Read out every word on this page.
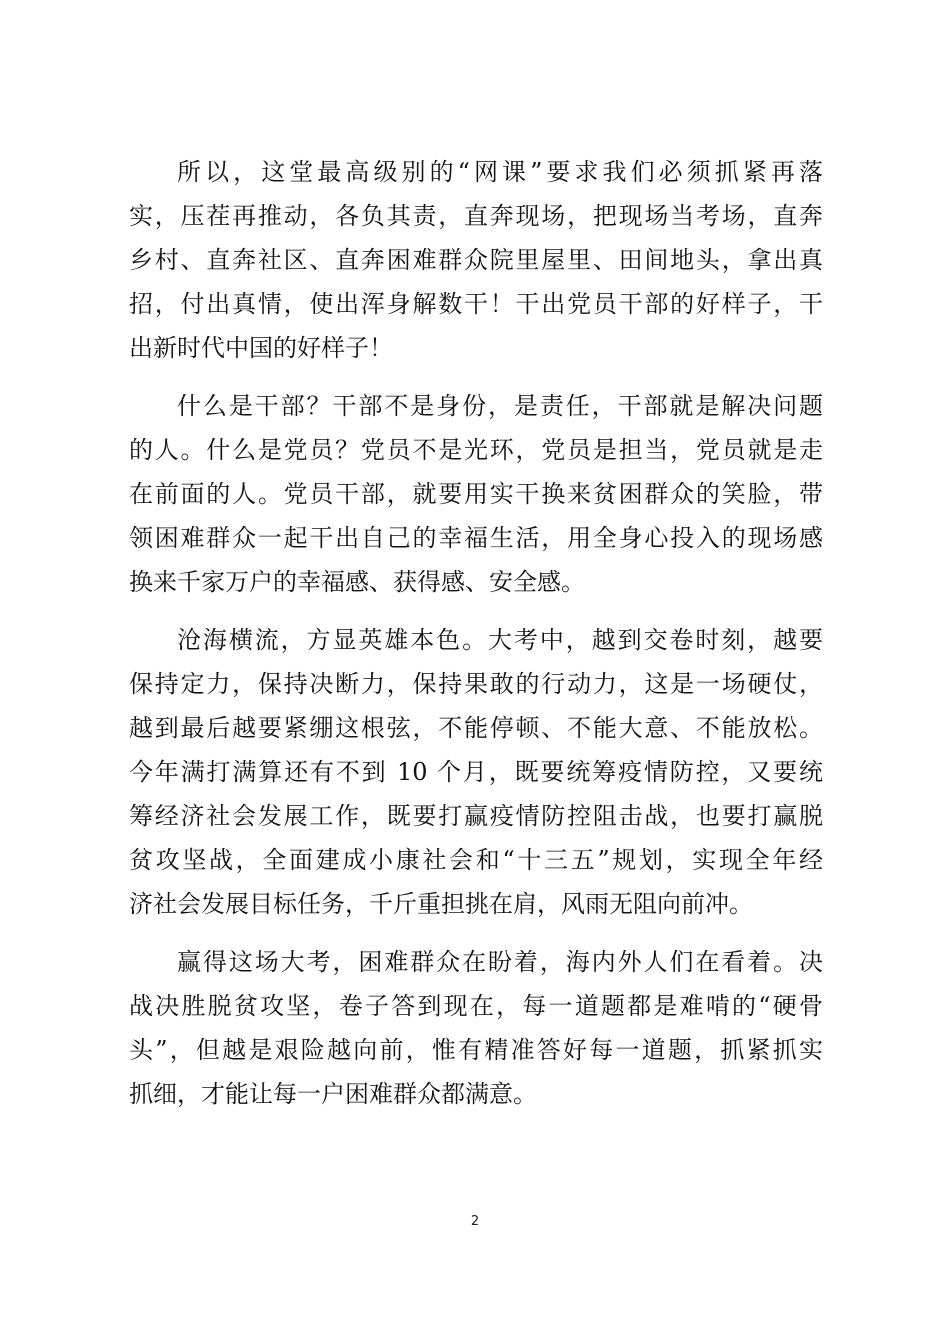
所以，这堂最高级别的“网课”要求我们必须抓紧再落
实，压茬再推动，各负其责，直奔现场，把现场当考场，直奔
乡村、直奔社区、直奔困难群众院里屋里、田间地头，拿出真
招，付出真情，使出浑身解数干！干出党员干部的好样子，干
出新时代中国的好样子！
什么是干部？干部不是身份，是责任，干部就是解决问题
的人。什么是党员？党员不是光环，党员是担当，党员就是走
在前面的人。党员干部，就要用实干换来贫困群众的笑脸，带
领困难群众一起干出自己的幸福生活，用全身心投入的现场感
换来千家万户的幸福感、获得感、安全感。
沧海横流，方显英雄本色。大考中，越到交卷时刻，越要
保持定力，保持决断力，保持果敢的行动力，这是一场硬仗，
越到最后越要紧绷这根弦，不能停顿、不能大意、不能放松。
今年满打满算还有不到 10 个月，既要统筹疫情防控，又要统
筹经济社会发展工作，既要打赢疫情防控阻击战，也要打赢脱
贫攻坚战，全面建成小康社会和“十三五”规划，实现全年经
济社会发展目标任务，千斤重担挑在肩，风雨无阻向前冲。
赢得这场大考，困难群众在盼着，海内外人们在看着。决
战决胜脱贫攻坚，卷子答到现在，每一道题都是难啃的“硬骨
头”，但越是艰险越向前，惟有精准答好每一道题，抓紧抓实
抓细，才能让每一户困难群众都满意。
2
